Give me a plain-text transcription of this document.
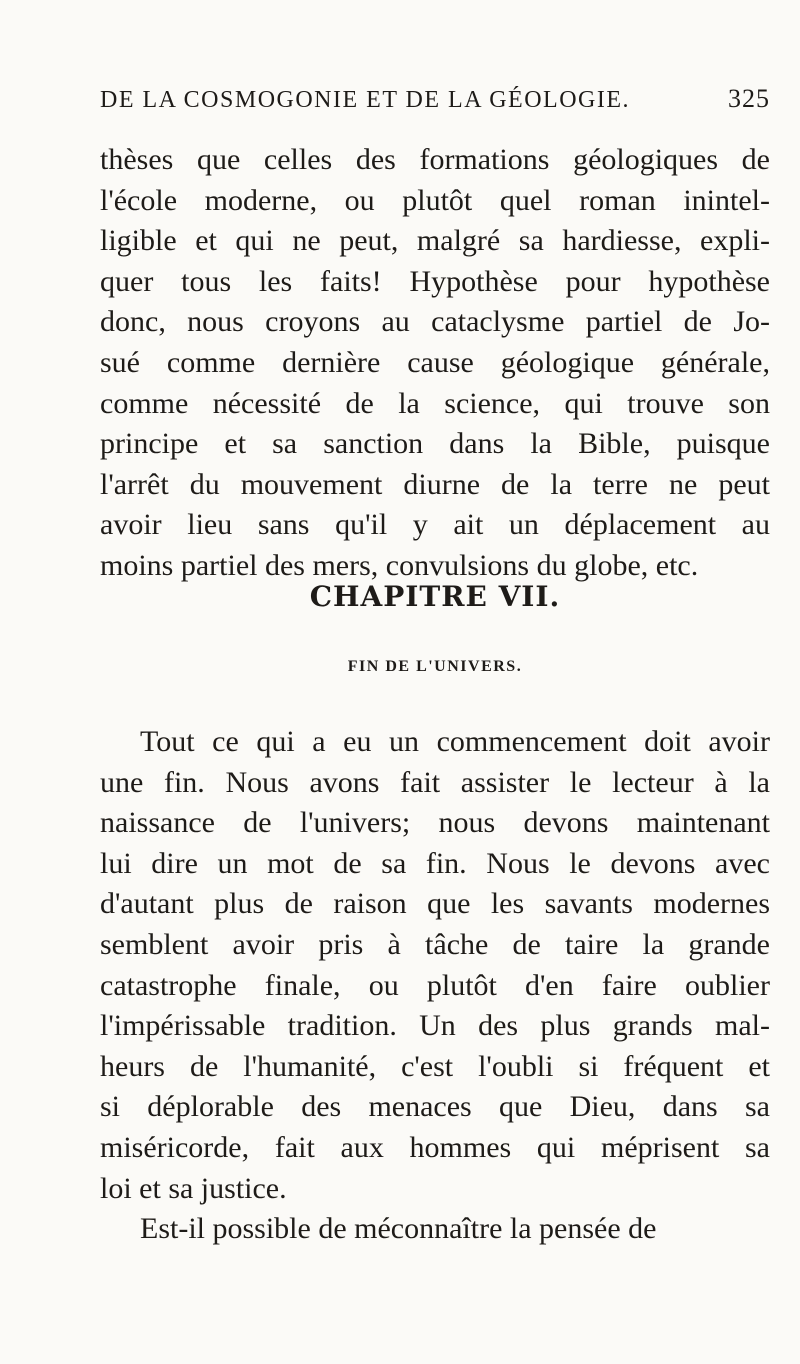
DE LA COSMOGONIE ET DE LA GÉOLOGIE.	325
thèses que celles des formations géologiques de
l'école moderne, ou plutôt quel roman inintel-
ligible et qui ne peut, malgré sa hardiesse, expli-
quer tous les faits! Hypothèse pour hypothèse
donc, nous croyons au cataclysme partiel de Jo-
sué comme dernière cause géologique générale,
comme nécessité de la science, qui trouve son
principe et sa sanction dans la Bible, puisque
l'arrêt du mouvement diurne de la terre ne peut
avoir lieu sans qu'il y ait un déplacement au
moins partiel des mers, convulsions du globe, etc.
CHAPITRE VII.
FIN DE L'UNIVERS.
Tout ce qui a eu un commencement doit avoir
une fin. Nous avons fait assister le lecteur à la
naissance de l'univers; nous devons maintenant
lui dire un mot de sa fin. Nous le devons avec
d'autant plus de raison que les savants modernes
semblent avoir pris à tâche de taire la grande
catastrophe finale, ou plutôt d'en faire oublier
l'impérissable tradition. Un des plus grands mal-
heurs de l'humanité, c'est l'oubli si fréquent et
si déplorable des menaces que Dieu, dans sa
miséricorde, fait aux hommes qui méprisent sa
loi et sa justice.
Est-il possible de méconnaître la pensée de
